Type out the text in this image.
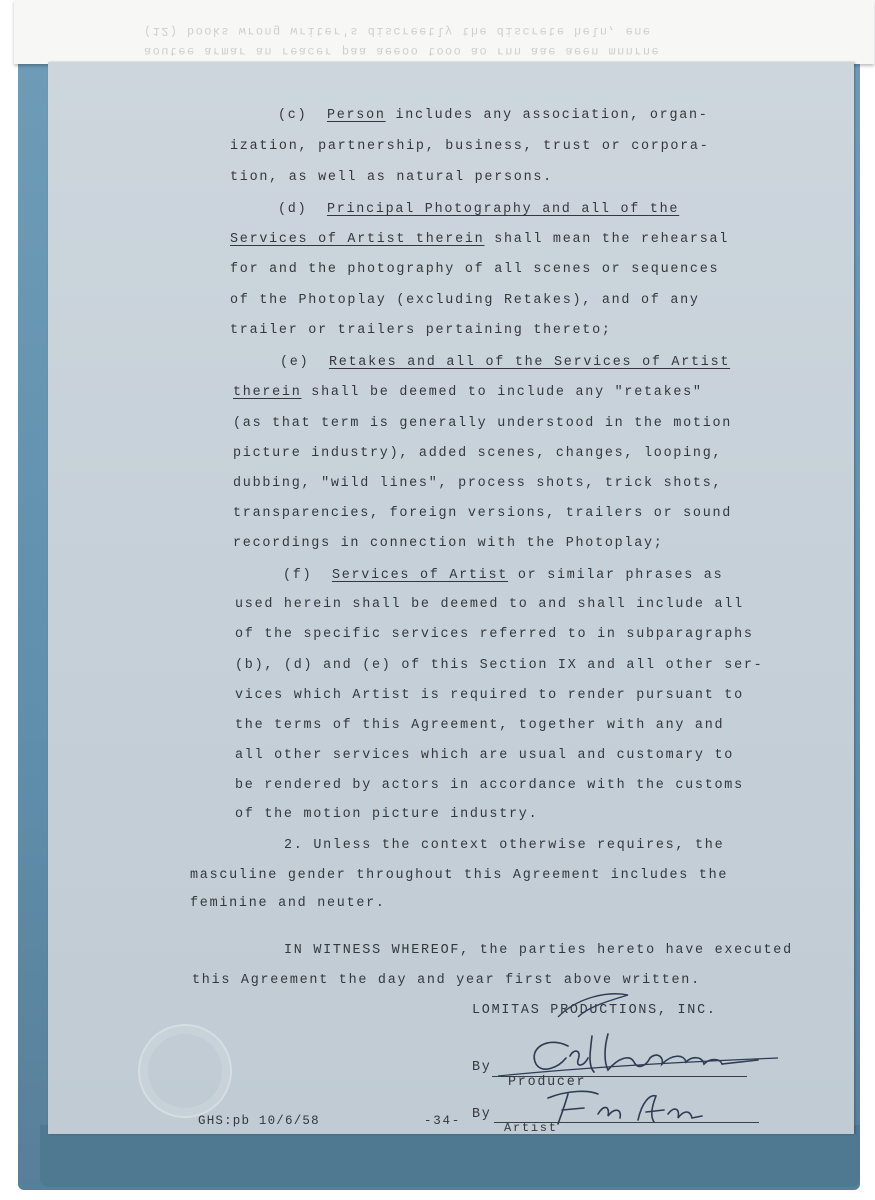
(12) books wrong writer's discreetly the discrete heln, ene
aoutee armar an reacer paa aeeoo tooo ao rnn aae aeen mnnrne
(c) Person includes any association, organ-
ization, partnership, business, trust or corpora-
tion, as well as natural persons.
(d) Principal Photography and all of the
Services of Artist therein shall mean the rehearsal
for and the photography of all scenes or sequences
of the Photoplay (excluding Retakes), and of any
trailer or trailers pertaining thereto;
(e) Retakes and all of the Services of Artist
therein shall be deemed to include any "retakes"
(as that term is generally understood in the motion
picture industry), added scenes, changes, looping,
dubbing, "wild lines", process shots, trick shots,
transparencies, foreign versions, trailers or sound
recordings in connection with the Photoplay;
(f) Services of Artist or similar phrases as
used herein shall be deemed to and shall include all
of the specific services referred to in subparagraphs
(b), (d) and (e) of this Section IX and all other ser-
vices which Artist is required to render pursuant to
the terms of this Agreement, together with any and
all other services which are usual and customary to
be rendered by actors in accordance with the customs
of the motion picture industry.
2. Unless the context otherwise requires, the
masculine gender throughout this Agreement includes the
feminine and neuter.
IN WITNESS WHEREOF, the parties hereto have executed
this Agreement the day and year first above written.
LOMITAS PRODUCTIONS, INC.
By
Producer
By
Artist
GHS:pb 10/6/58	-34-
